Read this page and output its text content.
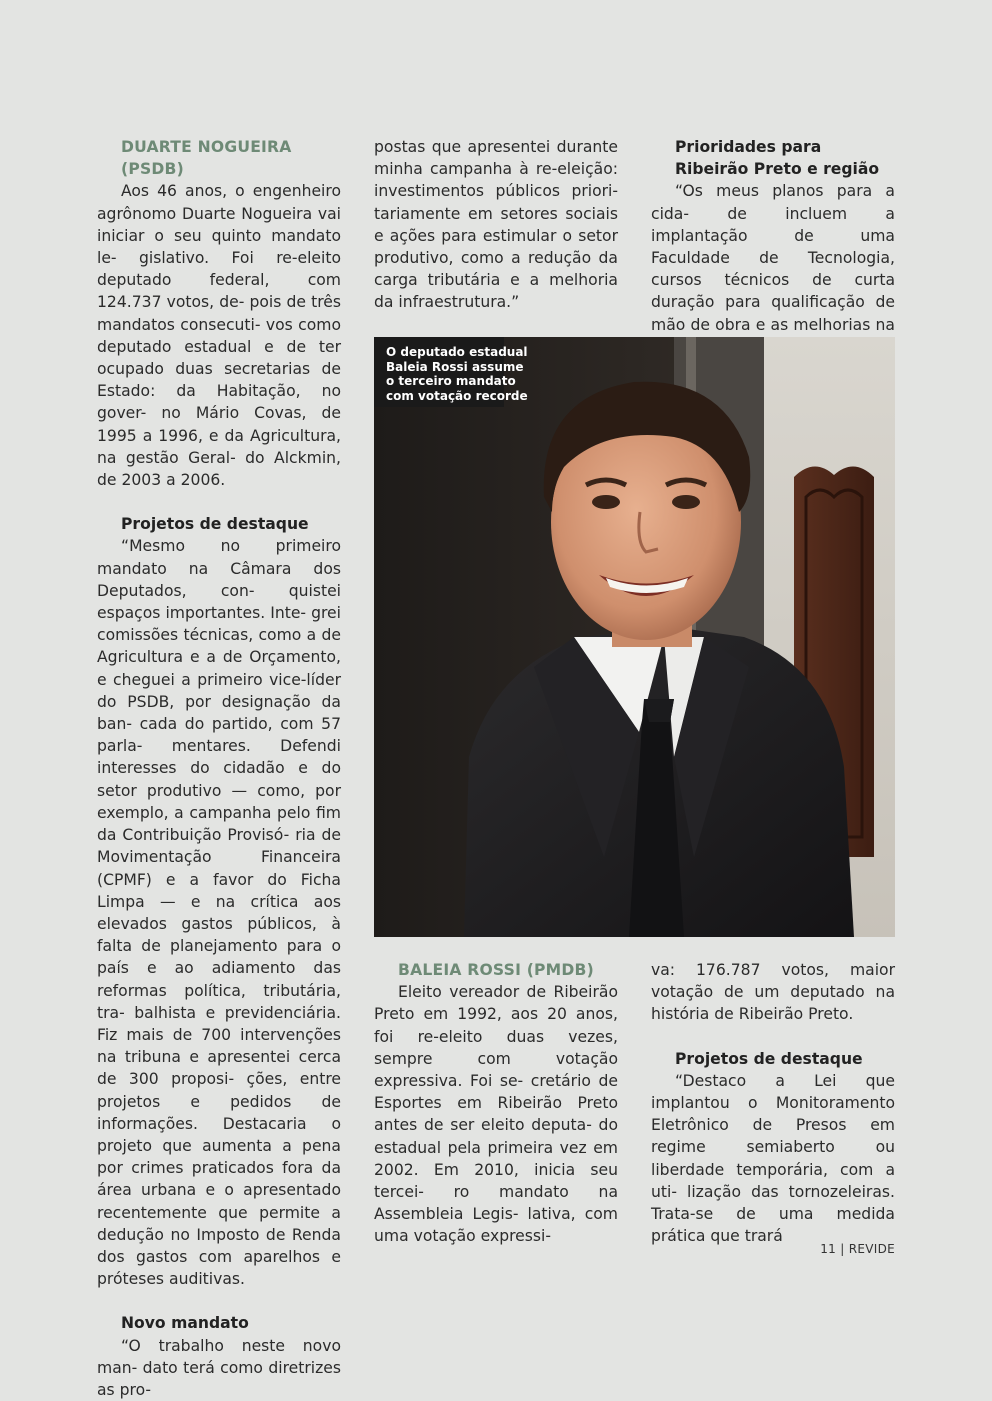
DUARTE NOGUEIRA (PSDB)

Aos 46 anos, o engenheiro agrônomo Duarte Nogueira vai iniciar o seu quinto mandato le- gislativo. Foi re-eleito deputado federal, com 124.737 votos, de- pois de três mandatos consecuti- vos como deputado estadual e de ter ocupado duas secretarias de Estado: da Habitação, no gover- no Mário Covas, de 1995 a 1996, e da Agricultura, na gestão Geral- do Alckmin, de 2003 a 2006.

Projetos de destaque

“Mesmo no primeiro mandato na Câmara dos Deputados, con- quistei espaços importantes. Inte- grei comissões técnicas, como a de Agricultura e a de Orçamento, e cheguei a primeiro vice-líder do PSDB, por designação da ban- cada do partido, com 57 parla- mentares. Defendi interesses do cidadão e do setor produtivo — como, por exemplo, a campanha pelo fim da Contribuição Provisó- ria de Movimentação Financeira (CPMF) e a favor do Ficha Limpa — e na crítica aos elevados gastos públicos, à falta de planejamento para o país e ao adiamento das reformas política, tributária, tra- balhista e previdenciária. Fiz mais de 700 intervenções na tribuna e apresentei cerca de 300 proposi- ções, entre projetos e pedidos de informações. Destacaria o projeto que aumenta a pena por crimes praticados fora da área urbana e o apresentado recentemente que permite a dedução no Imposto de Renda dos gastos com aparelhos e próteses auditivas.

Novo mandato

“O trabalho neste novo man- dato terá como diretrizes as pro-

postas que apresentei durante minha campanha à re-eleição: investimentos públicos priori- tariamente em setores sociais e ações para estimular o setor produtivo, como a redução da carga tributária e a melhoria da infraestrutura.”

Prioridades para Ribeirão Preto e região

“Os meus planos para a cida- de incluem a implantação de uma Faculdade de Tecnologia, cursos técnicos de curta duração para qualificação de mão de obra e as melhorias na

O deputado estadual
Baleia Rossi assume
o terceiro mandato
com votação recorde
BALEIA ROSSI (PMDB)

Eleito vereador de Ribeirão Preto em 1992, aos 20 anos, foi re-eleito duas vezes, sempre com votação expressiva. Foi se- cretário de Esportes em Ribeirão Preto antes de ser eleito deputa- do estadual pela primeira vez em 2002. Em 2010, inicia seu tercei- ro mandato na Assembleia Legis- lativa, com uma votação expressi-

va: 176.787 votos, maior votação de um deputado na história de Ribeirão Preto.

Projetos de destaque

“Destaco a Lei que implantou o Monitoramento Eletrônico de Presos em regime semiaberto ou liberdade temporária, com a uti- lização das tornozeleiras. Trata-se de uma medida prática que trará

11 | REVIDE
